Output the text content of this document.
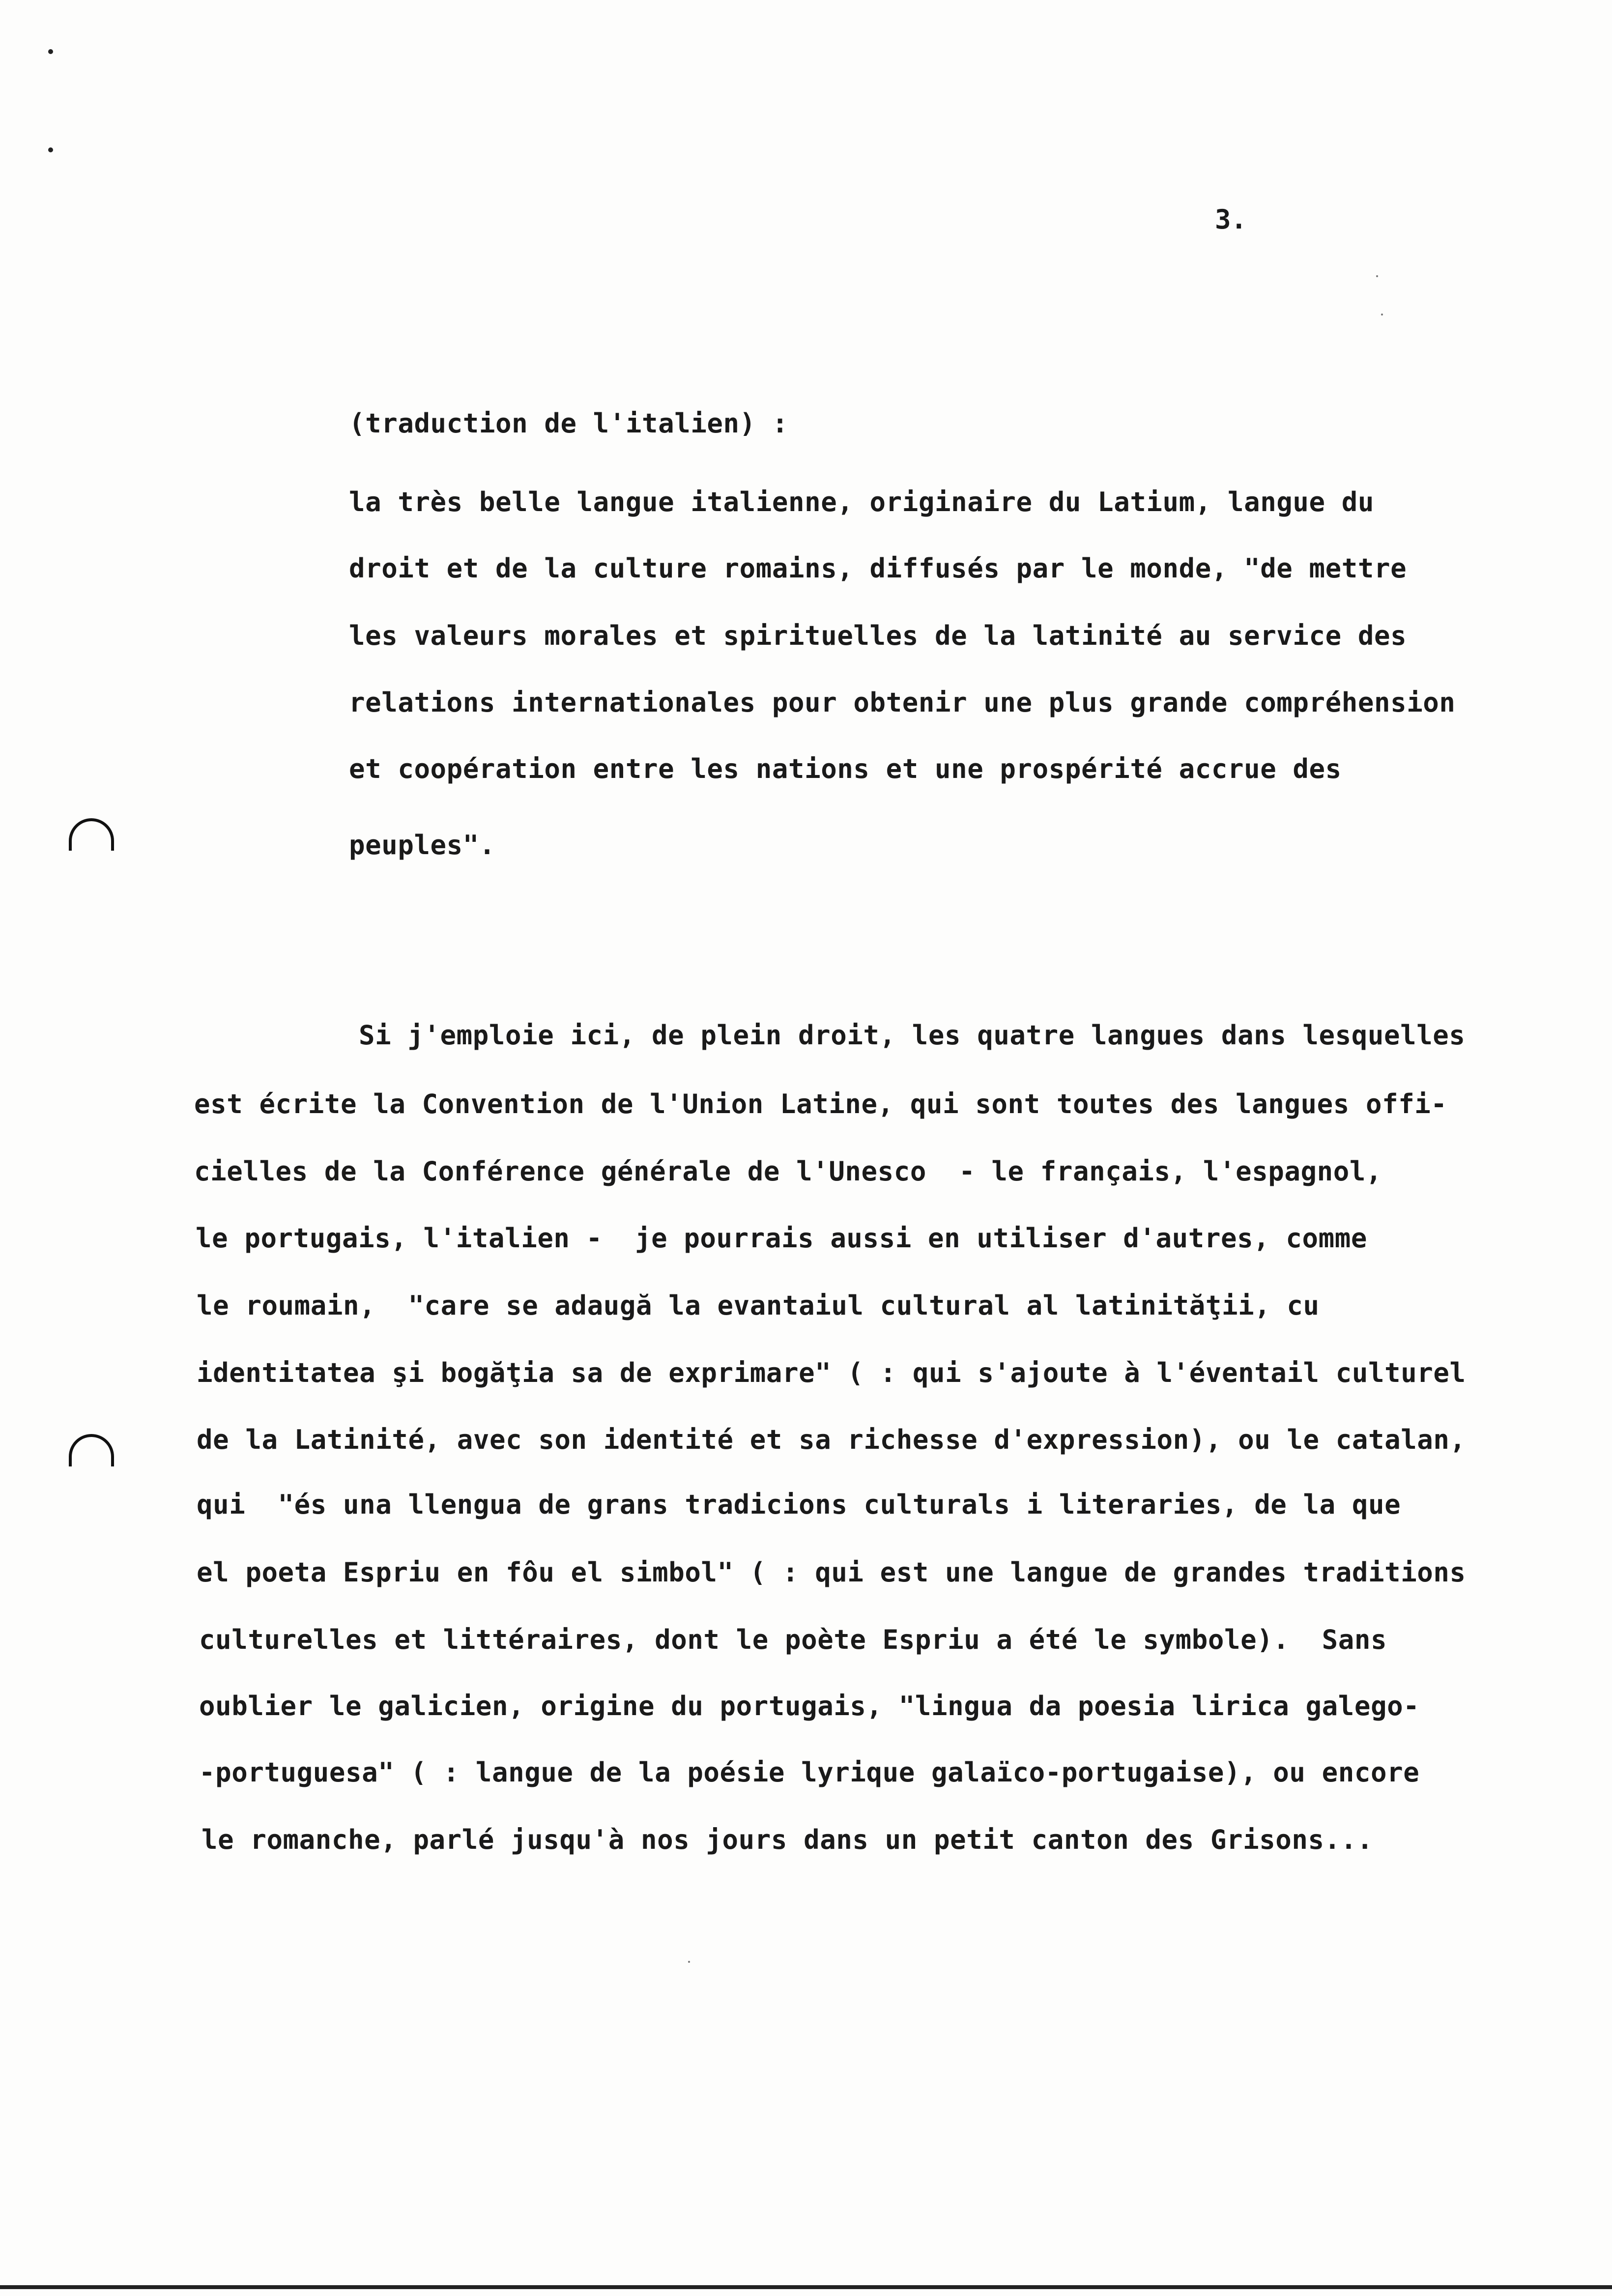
3.
(traduction de l'italien) :
la très belle langue italienne, originaire du Latium, langue du
droit et de la culture romains, diffusés par le monde, "de mettre
les valeurs morales et spirituelles de la latinité au service des
relations internationales pour obtenir une plus grande compréhension
et coopération entre les nations et une prospérité accrue des
peuples".
Si j'emploie ici, de plein droit, les quatre langues dans lesquelles
est écrite la Convention de l'Union Latine, qui sont toutes des langues offi-
cielles de la Conférence générale de l'Unesco  - le français, l'espagnol,
le portugais, l'italien -  je pourrais aussi en utiliser d'autres, comme
le roumain,  "care se adaugă la evantaiul cultural al latinităţii, cu
identitatea şi bogăţia sa de exprimare" ( : qui s'ajoute à l'éventail culturel
de la Latinité, avec son identité et sa richesse d'expression), ou le catalan,
qui  "és una llengua de grans tradicions culturals i literaries, de la que
el poeta Espriu en fôu el simbol" ( : qui est une langue de grandes traditions
culturelles et littéraires, dont le poète Espriu a été le symbole).  Sans
oublier le galicien, origine du portugais, "lingua da poesia lirica galego-
-portuguesa" ( : langue de la poésie lyrique galaïco-portugaise), ou encore
le romanche, parlé jusqu'à nos jours dans un petit canton des Grisons...
